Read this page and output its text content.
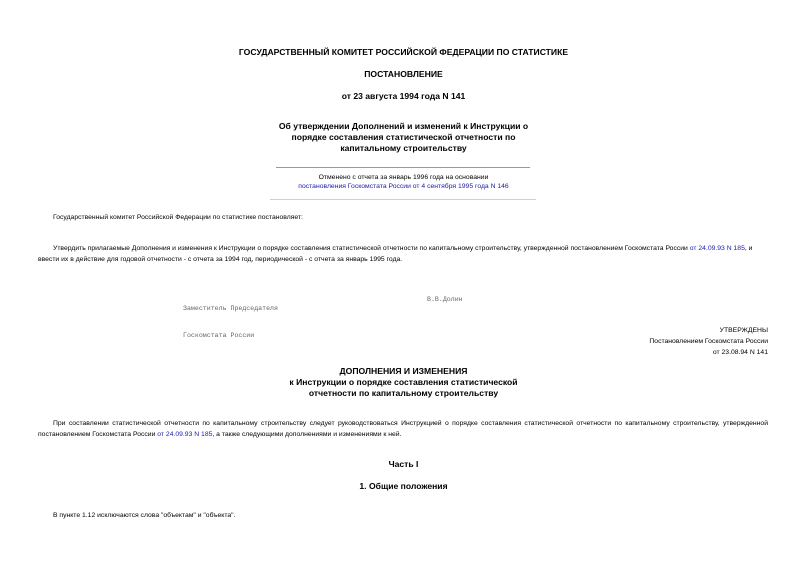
ГОСУДАРСТВЕННЫЙ КОМИТЕТ РОССИЙСКОЙ ФЕДЕРАЦИИ ПО СТАТИСТИКЕ
ПОСТАНОВЛЕНИЕ
от 23 августа 1994 года N 141
Об утверждении Дополнений и изменений к Инструкции о
порядке составления статистической отчетности по
капитальному строительству
Отменено с отчета за январь 1996 года на основании
постановления Госкомстата России от 4 сентября 1995 года N 146
Государственный комитет Российской Федерации по статистике постановляет:
Утвердить прилагаемые Дополнения и изменения к Инструкции о порядке составления статистической отчетности по капитальному строительству, утвержденной постановлением Госкомстата России от 24.09.93 N 185, и ввести их в действие для годовой отчетности - с отчета за 1994 год, периодической - с отчета за январь 1995 года.

Заместитель Председателя

Госкомстата России

В.В.Долин
УТВЕРЖДЕНЫ
Постановлением Госкомстата России
от 23.08.94 N 141
ДОПОЛНЕНИЯ И ИЗМЕНЕНИЯ
к Инструкции о порядке составления статистической
отчетности по капитальному строительству
При составлении статистической отчетности по капитальному строительству следует руководствоваться Инструкцией о порядке составления статистической отчетности по капитальному строительству, утвержденной постановлением Госкомстата России от 24.09.93 N 185, а также следующими дополнениями и изменениями к ней.
Часть I
1. Общие положения
В пункте 1.12 исключаются слова "объектам" и "объекта".
